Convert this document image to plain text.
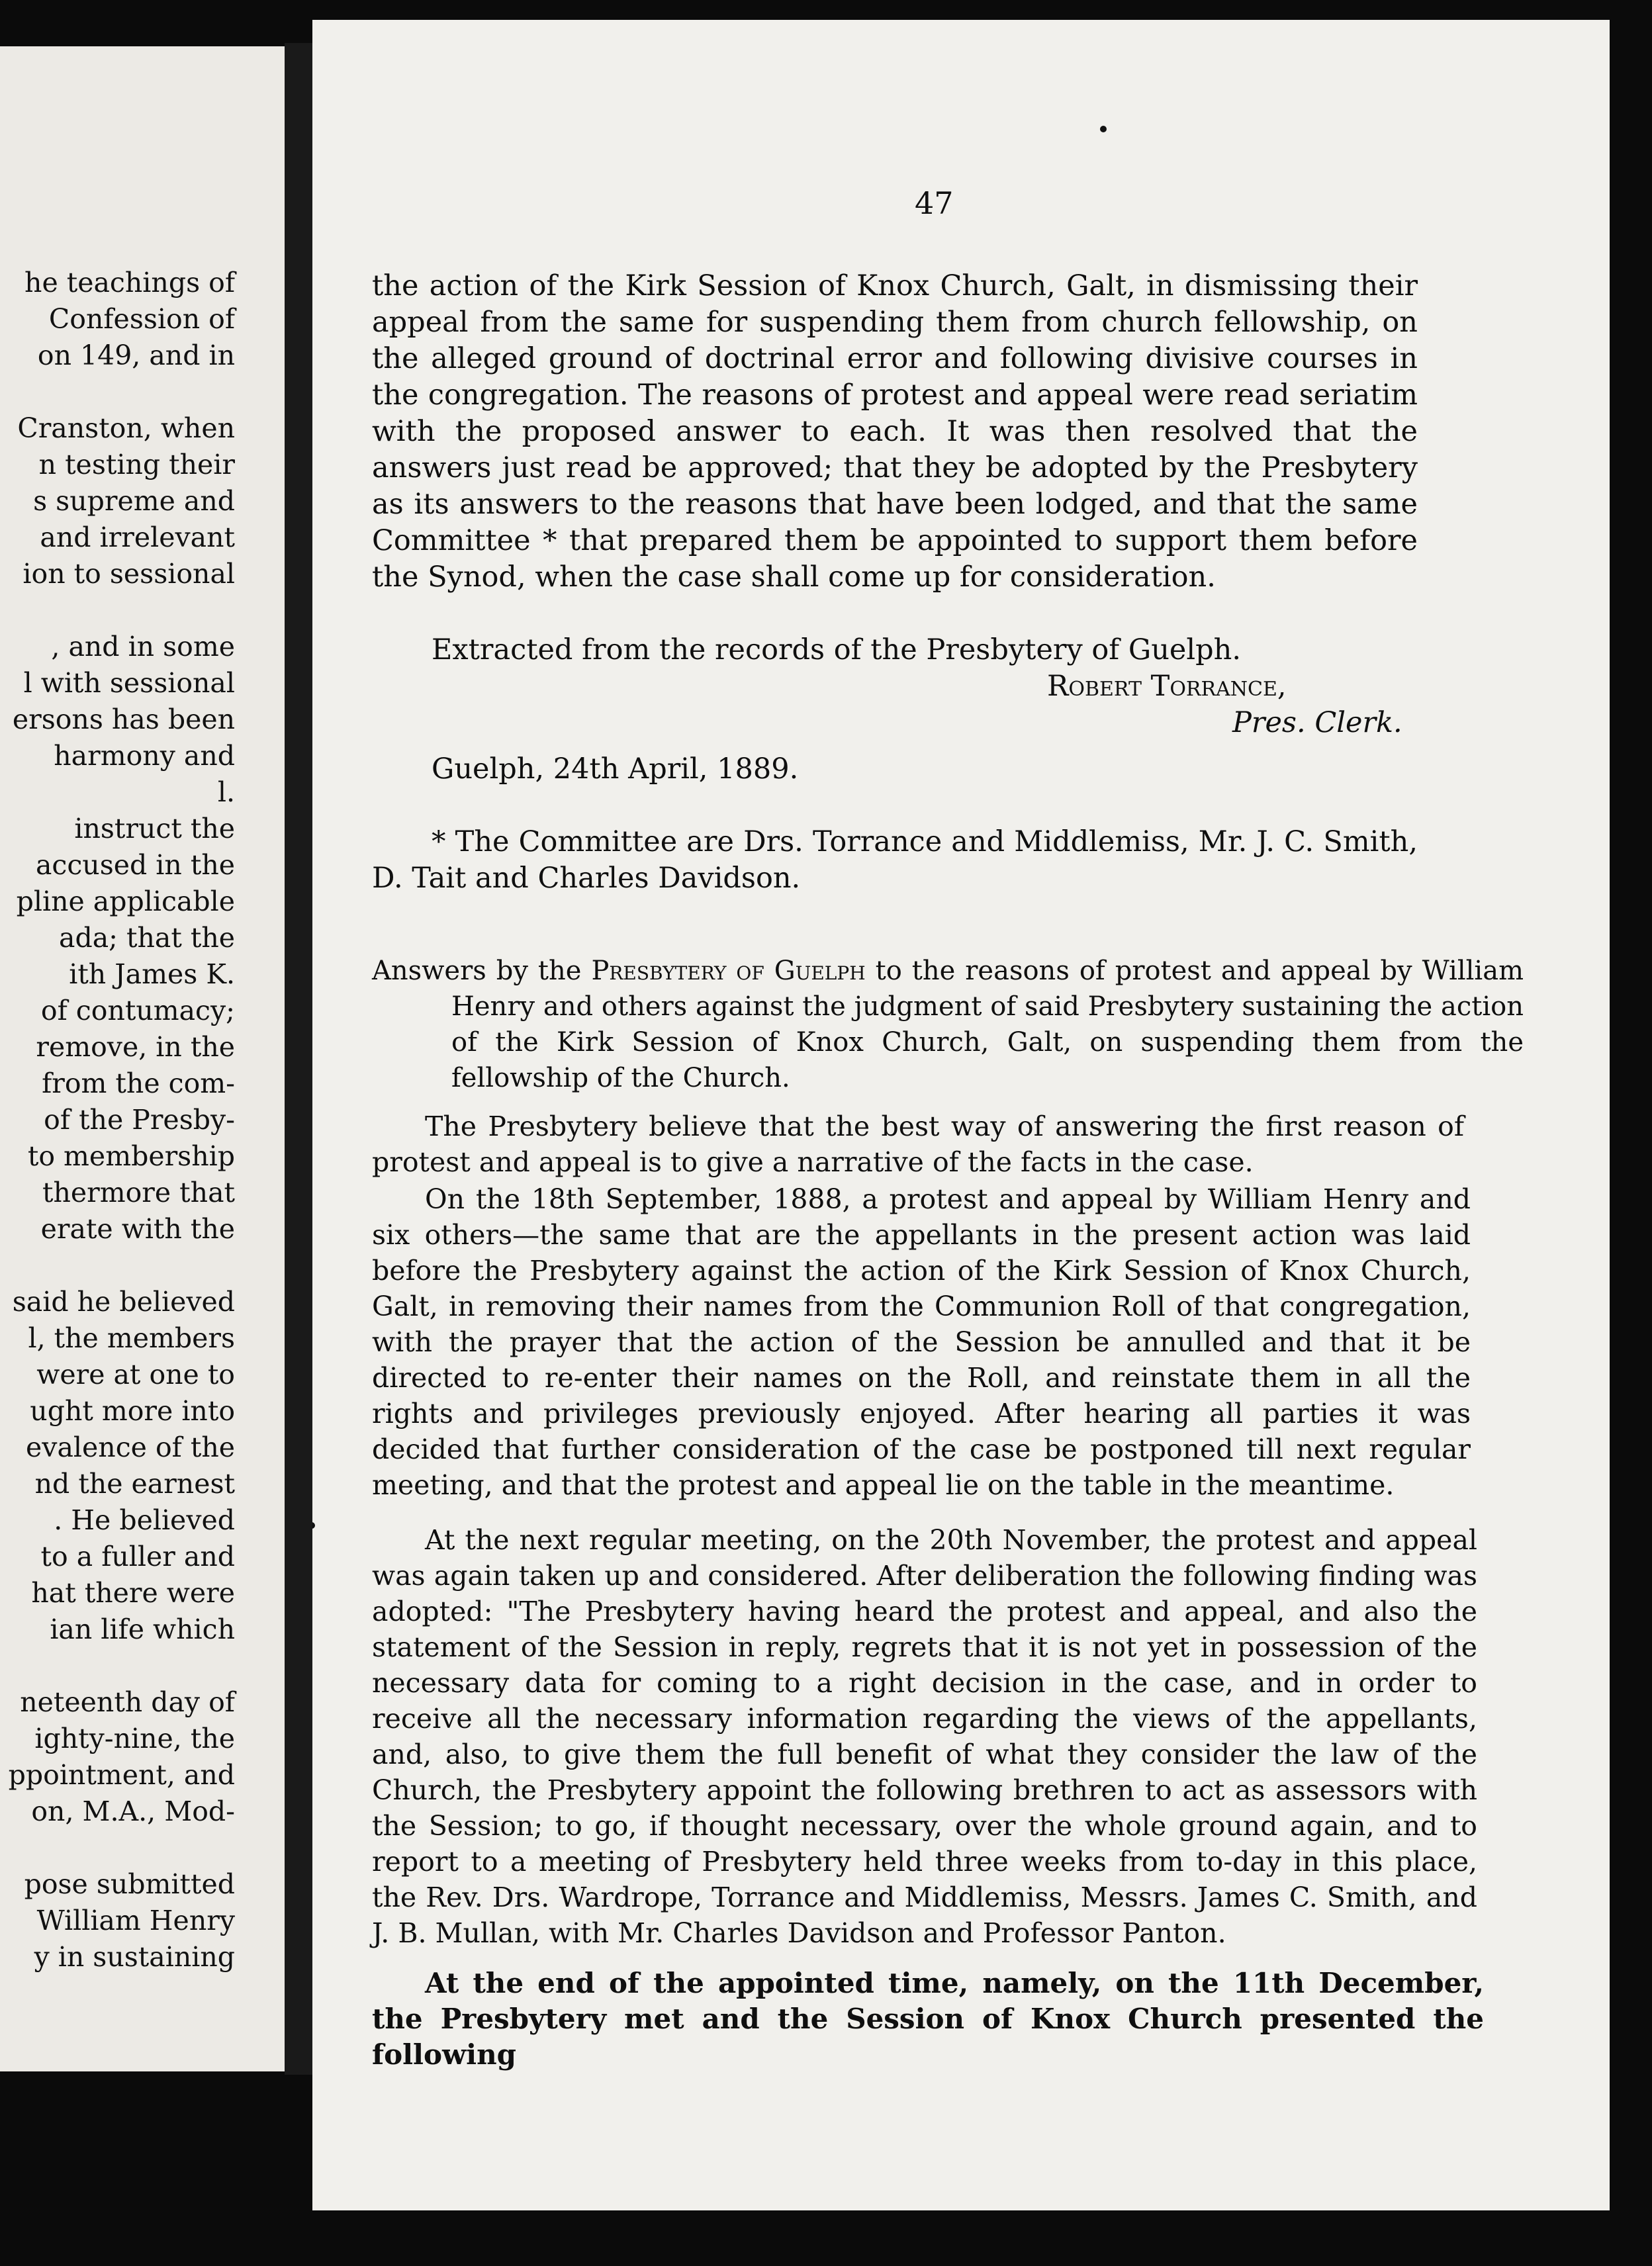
he teachings of
Confession of
on 149, and in
Cranston, when
n testing their
s supreme and
and irrelevant
ion to sessional
, and in some
l with sessional
ersons has been
harmony and
l.
instruct the
accused in the
pline applicable
ada; that the
ith James K.
of contumacy;
remove, in the
from the com-
of the Presby-
to membership
thermore that
erate with the
said he believed
l, the members
were at one to
ught more into
evalence of the
nd the earnest
. He believed
to a fuller and
hat there were
ian life which
neteenth day of
ighty-nine, the
ppointment, and
on, M.A., Mod-
pose submitted
William Henry
y in sustaining
47
the action of the Kirk Session of Knox Church, Galt, in dismissing their appeal from the same for suspending them from church fellowship, on the alleged ground of doctrinal error and following divisive courses in the congregation. The reasons of protest and appeal were read seriatim with the proposed answer to each. It was then resolved that the answers just read be approved; that they be adopted by the Presbytery as its answers to the reasons that have been lodged, and that the same Committee * that prepared them be appointed to support them before the Synod, when the case shall come up for consideration.
Extracted from the records of the Presbytery of Guelph.
Robert Torrance,
Pres. Clerk.
Guelph, 24th April, 1889.
* The Committee are Drs. Torrance and Middlemiss, Mr. J. C. Smith, D. Tait and Charles Davidson.
Answers by the Presbytery of Guelph to the reasons of protest and appeal by William Henry and others against the judgment of said Presbytery sustaining the action of the Kirk Session of Knox Church, Galt, on suspending them from the fellowship of the Church.
The Presbytery believe that the best way of answering the first reason of protest and appeal is to give a narrative of the facts in the case.
On the 18th September, 1888, a protest and appeal by William Henry and six others—the same that are the appellants in the present action was laid before the Presbytery against the action of the Kirk Session of Knox Church, Galt, in removing their names from the Communion Roll of that congregation, with the prayer that the action of the Session be annulled and that it be directed to re-enter their names on the Roll, and reinstate them in all the rights and privileges previously enjoyed. After hearing all parties it was decided that further consideration of the case be postponed till next regular meeting, and that the protest and appeal lie on the table in the meantime.
At the next regular meeting, on the 20th November, the protest and appeal was again taken up and considered. After deliberation the following finding was adopted: "The Presbytery having heard the protest and appeal, and also the statement of the Session in reply, regrets that it is not yet in possession of the necessary data for coming to a right decision in the case, and in order to receive all the necessary information regarding the views of the appellants, and, also, to give them the full benefit of what they consider the law of the Church, the Presbytery appoint the following brethren to act as assessors with the Session; to go, if thought necessary, over the whole ground again, and to report to a meeting of Presbytery held three weeks from to-day in this place, the Rev. Drs. Wardrope, Torrance and Middlemiss, Messrs. James C. Smith, and J. B. Mullan, with Mr. Charles Davidson and Professor Panton.
At the end of the appointed time, namely, on the 11th December, the Presbytery met and the Session of Knox Church presented the following
